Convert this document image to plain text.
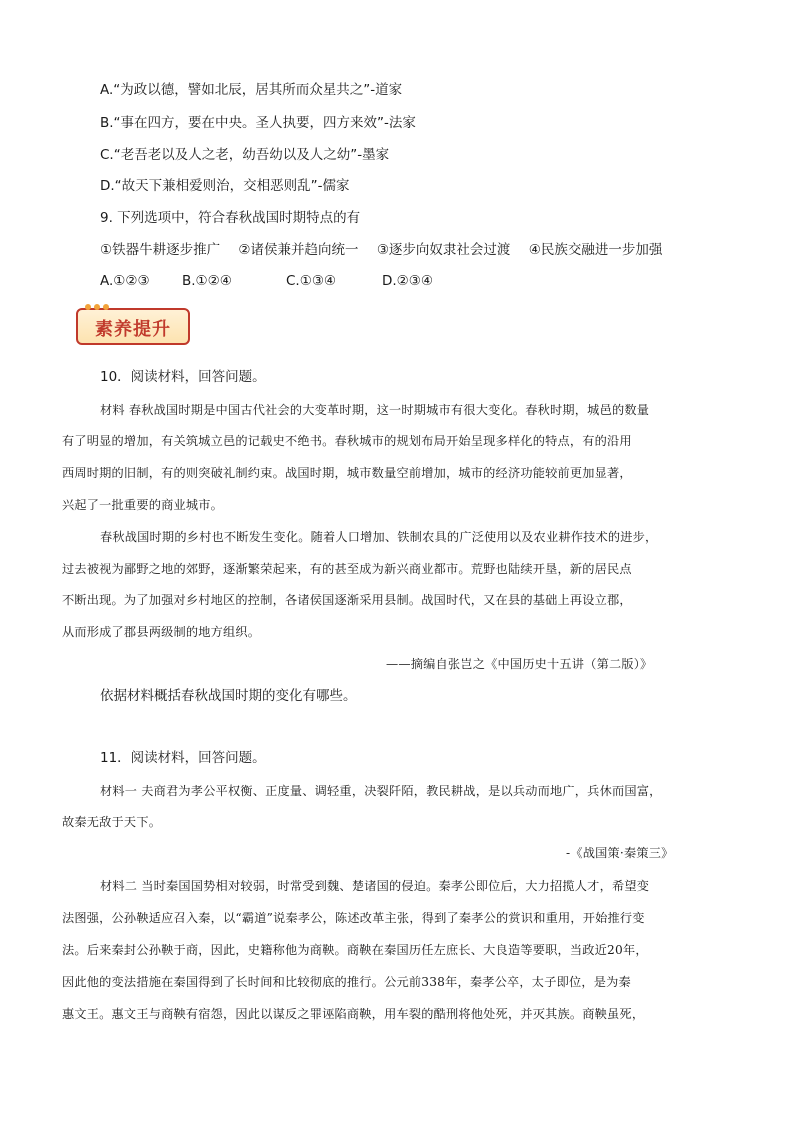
A.“为政以德，譬如北辰，居其所而众星共之”-道家
B.“事在四方，要在中央。圣人执要，四方来效”-法家
C.“老吾老以及人之老，幼吾幼以及人之幼”-墨家
D.“故天下兼相爱则治，交相恶则乱”-儒家
9. 下列选项中，符合春秋战国时期特点的有
①铁器牛耕逐步推广 ②诸侯兼并趋向统一 ③逐步向奴隶社会过渡 ④民族交融进一步加强
A.①②③ B.①②④	C.①③④	D.②③④
素养提升
10．阅读材料，回答问题。
材料 春秋战国时期是中国古代社会的大变革时期，这一时期城市有很大变化。春秋时期，城邑的数量
有了明显的增加，有关筑城立邑的记载史不绝书。春秋城市的规划布局开始呈现多样化的特点，有的沿用
西周时期的旧制，有的则突破礼制约束。战国时期，城市数量空前增加，城市的经济功能较前更加显著，
兴起了一批重要的商业城市。
春秋战国时期的乡村也不断发生变化。随着人口增加、铁制农具的广泛使用以及农业耕作技术的进步，
过去被视为鄙野之地的郊野，逐渐繁荣起来，有的甚至成为新兴商业都市。荒野也陆续开垦，新的居民点
不断出现。为了加强对乡村地区的控制，各诸侯国逐渐采用县制。战国时代，又在县的基础上再设立郡，
从而形成了郡县两级制的地方组织。
——摘编自张岂之《中国历史十五讲（第二版）》
依据材料概括春秋战国时期的变化有哪些。
11．阅读材料，回答问题。
材料一 夫商君为孝公平权衡、正度量、调轻重，决裂阡陌，教民耕战，是以兵动而地广，兵休而国富，
故秦无敌于天下。
-《战国策·秦策三》
材料二 当时秦国国势相对较弱，时常受到魏、楚诸国的侵迫。秦孝公即位后，大力招揽人才，希望变
法图强，公孙鞅适应召入秦，以“霸道”说秦孝公，陈述改革主张，得到了秦孝公的赏识和重用，开始推行变
法。后来秦封公孙鞅于商，因此，史籍称他为商鞅。商鞅在秦国历任左庶长、大良造等要职，当政近20年，
因此他的变法措施在秦国得到了长时间和比较彻底的推行。公元前338年，秦孝公卒，太子即位，是为秦
惠文王。惠文王与商鞅有宿怨，因此以谋反之罪诬陷商鞅，用车裂的酷刑将他处死，并灭其族。商鞅虽死，
